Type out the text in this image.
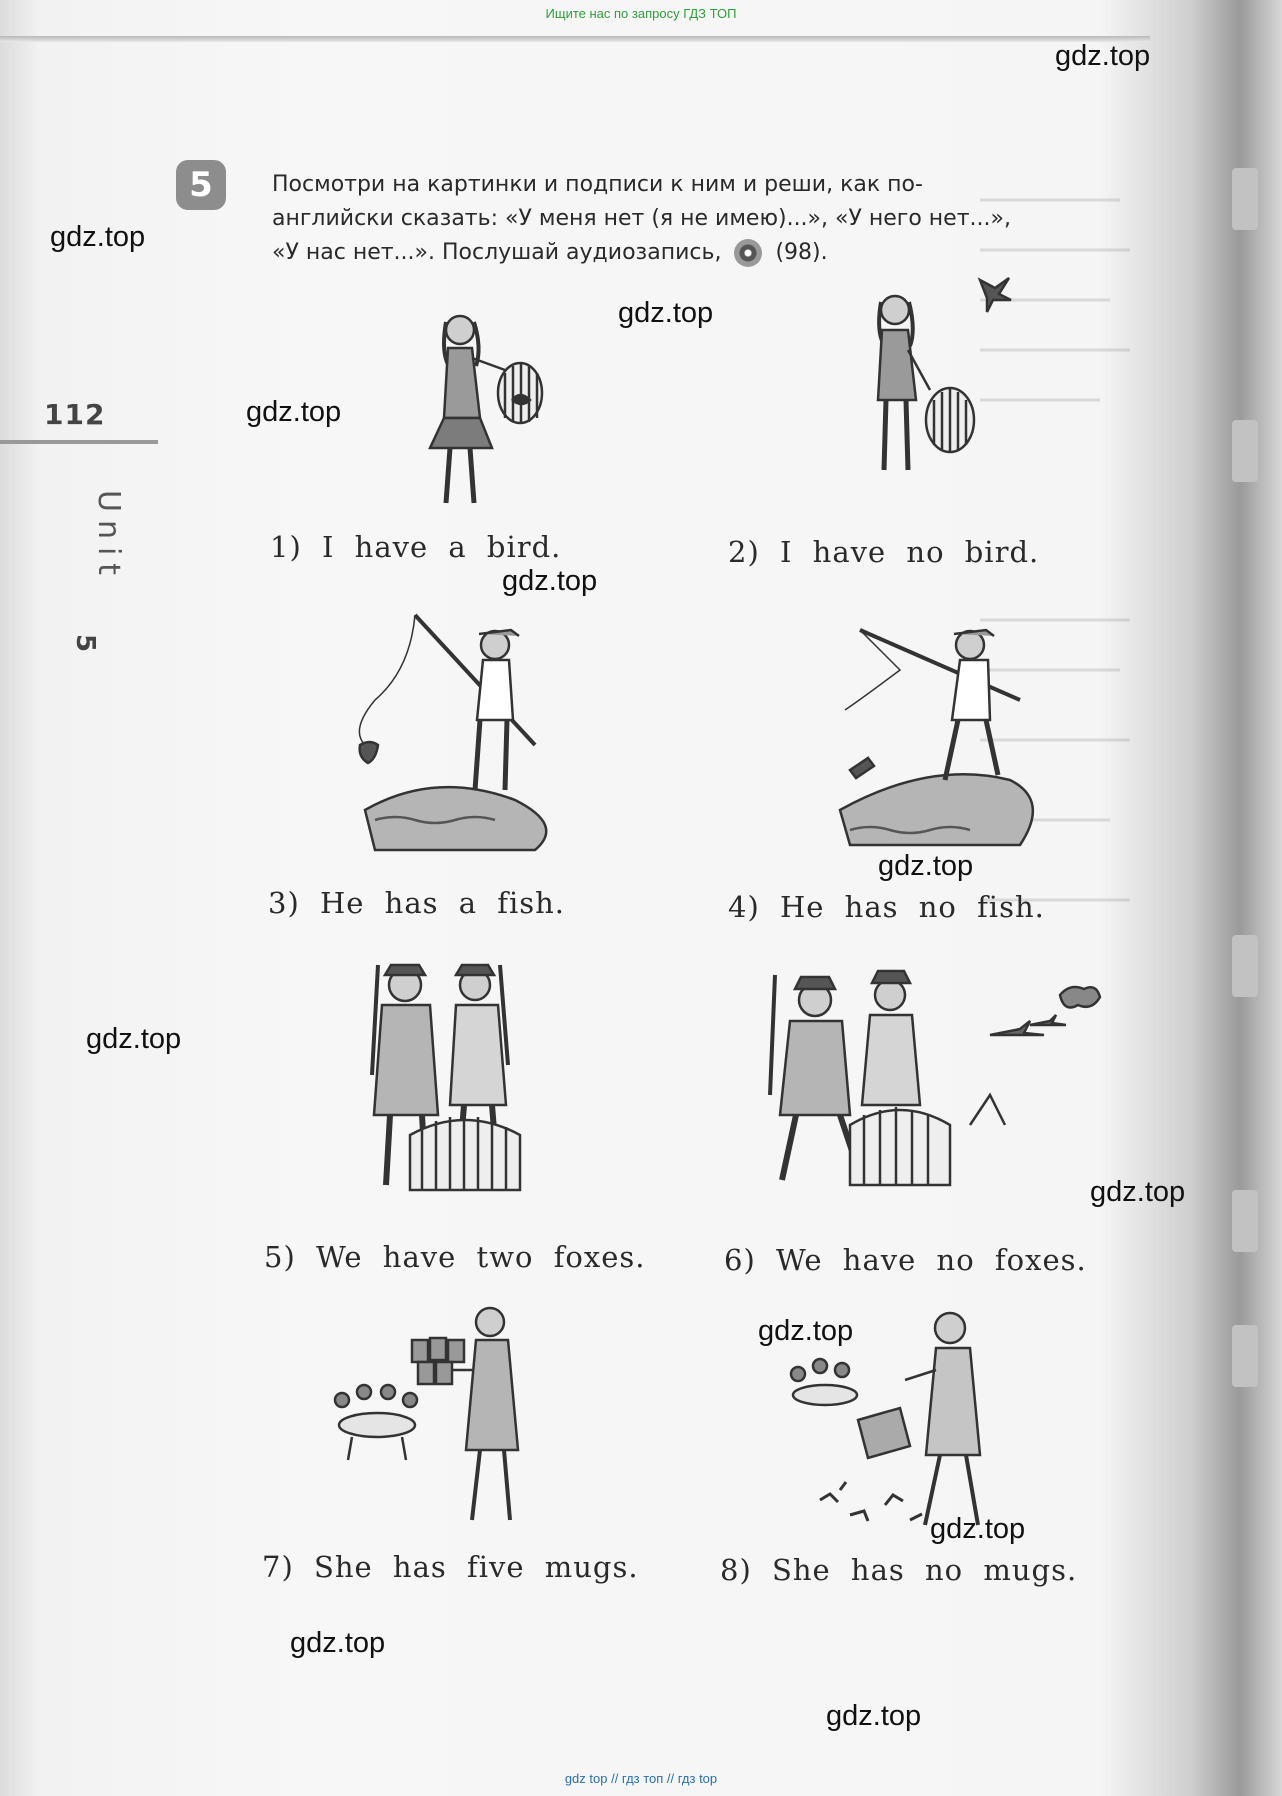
Ищите нас по запросу ГДЗ ТОП
112
Unit
5
5	Посмотри на картинки и подписи к ним и реши, как по-
английски сказать: «У меня нет (я не имею)...», «У него нет...»,
«У нас нет...». Послушай аудиозапись, (98).
1) I have a bird.	2) I have no bird.
3) He has a fish.	4) He has no fish.
5) We have two foxes.	6) We have no foxes.
7) She has five mugs.	8) She has no mugs.
gdz.top
gdz.top
gdz.top
gdz.top
gdz.top
gdz.top
gdz.top
gdz.top
gdz.top
gdz.top
gdz.top
gdz.top
gdz top // гдз топ // гдз top
